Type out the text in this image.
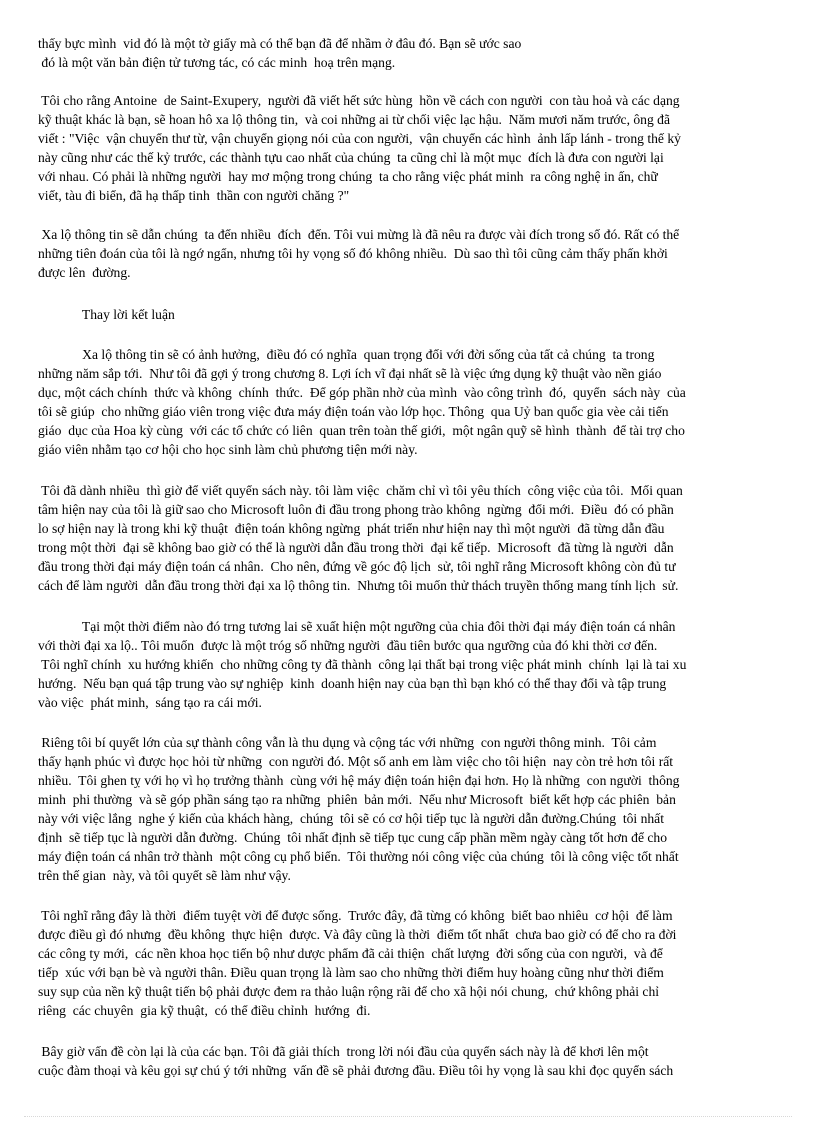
thấy bực mình  vid đó là một tờ giấy mà có thể bạn đã để nhầm ở đâu đó. Bạn sẽ ước sao
đó là một văn bản điện tử tương tác, có các minh  hoạ trên mạng.
Tôi cho rằng Antoine  de Saint-Exupery,  người đã viết hết sức hùng  hồn về cách con người  con tàu hoả và các dạng
kỹ thuật khác là bạn, sẽ hoan hô xa lộ thông tin,  và coi những ai từ chối việc lạc hậu.  Năm mươi năm trước, ông đã
viết : "Việc  vận chuyển thư từ, vận chuyển giọng nói của con người,  vận chuyển các hình  ảnh lấp lánh - trong thế kỷ
này cũng như các thế kỷ trước, các thành tựu cao nhất của chúng  ta cũng chỉ là một mục  đích là đưa con người lại
với nhau. Có phải là những người  hay mơ mộng trong chúng  ta cho rằng việc phát minh  ra công nghệ in ấn, chữ
viết, tàu đi biển, đã hạ thấp tinh  thần con người chăng ?"
Xa lộ thông tin sẽ dẫn chúng  ta đến nhiều  đích  đến. Tôi vui mừng là đã nêu ra được vài đích trong số đó. Rất có thể
những tiên đoán của tôi là ngớ ngẩn, nhưng tôi hy vọng số đó không nhiều.  Dù sao thì tôi cũng cảm thấy phấn khởi
được lên  đường.
Thay lời kết luận
Xa lộ thông tin sẽ có ảnh hưởng,  điều đó có nghĩa  quan trọng đối với đời sống của tất cả chúng  ta trong
những năm sắp tới.  Như tôi đã gợi ý trong chương 8. Lợi ích vĩ đại nhất sẽ là việc ứng dụng kỹ thuật vào nền giáo
dục, một cách chính  thức và không  chính  thức.  Để góp phần nhờ của mình  vào công trình  đó,  quyển  sách này  của
tôi sẽ giúp  cho những giáo viên trong việc đưa máy điện toán vào lớp học. Thông  qua Uỷ ban quốc gia vèe cải tiến
giáo  dục của Hoa kỳ cùng  với các tổ chức có liên  quan trên toàn thế giới,  một ngân quỹ sẽ hình  thành  để tài trợ cho
giáo viên nhằm tạo cơ hội cho học sinh làm chủ phương tiện mới này.
Tôi đã dành nhiều  thì giờ để viết quyển sách này. tôi làm việc  chăm chỉ vì tôi yêu thích  công việc của tôi.  Mối quan
tâm hiện nay của tôi là giữ sao cho Microsoft luôn đi đầu trong phong trào không  ngừng  đổi mới.  Điều  đó có phần
lo sợ hiện nay là trong khi kỹ thuật  điện toán không ngừng  phát triển như hiện nay thì một người  đã từng dẫn đầu
trong một thời  đại sẽ không bao giờ có thể là người dẫn đầu trong thời  đại kế tiếp.  Microsoft  đã từng là người  dẫn
đầu trong thời đại máy điện toán cá nhân.  Cho nên, đứng về góc độ lịch  sử, tôi nghĩ rằng Microsoft không còn đủ tư
cách để làm người  dẫn đầu trong thời đại xa lộ thông tin.  Nhưng tôi muốn thử thách truyền thống mang tính lịch  sử.
Tại một thời điểm nào đó trng tương lai sẽ xuất hiện một ngưỡng của chia đôi thời đại máy điện toán cá nhân
với thời đại xa lộ.. Tôi muốn  được là một tróg số những người  đầu tiên bước qua ngưỡng của đó khi thời cơ đến.
Tôi nghĩ chính  xu hướng khiến  cho những công ty đã thành  công lại thất bại trong việc phát minh  chính  lại là tai xu
hướng.  Nếu bạn quá tập trung vào sự nghiệp  kinh  doanh hiện nay của bạn thì bạn khó có thể thay đổi và tập trung
vào việc  phát minh,  sáng tạo ra cái mới.
Riêng tôi bí quyết lớn của sự thành công vẫn là thu dụng và cộng tác với những  con người thông minh.  Tôi cảm
thấy hạnh phúc vì được học hỏi từ những  con người đó. Một số anh em làm việc cho tôi hiện  nay còn trẻ hơn tôi rất
nhiều.  Tôi ghen tỵ với họ vì họ trưởng thành  cùng với hệ máy điện toán hiện đại hơn. Họ là những  con người  thông
minh  phi thường  và sẽ góp phần sáng tạo ra những  phiên  bản mới.  Nếu như Microsoft  biết kết hợp các phiên  bản
này với việc lắng  nghe ý kiến của khách hàng,  chúng  tôi sẽ có cơ hội tiếp tục là người dẫn đường.Chúng  tôi nhất
định  sẽ tiếp tục là người dẫn đường.  Chúng  tôi nhất định sẽ tiếp tục cung cấp phần mềm ngày càng tốt hơn để cho
máy điện toán cá nhân trở thành  một công cụ phổ biến.  Tôi thường nói công việc của chúng  tôi là công việc tốt nhất
trên thế gian  này, và tôi quyết sẽ làm như vậy.
Tôi nghĩ rằng đây là thời  điểm tuyệt vời để được sống.  Trước đây, đã từng có không  biết bao nhiêu  cơ hội  để làm
được điều gì đó nhưng  đều không  thực hiện  được. Và đây cũng là thời  điểm tốt nhất  chưa bao giờ có để cho ra đời
các công ty mới,  các nền khoa học tiến bộ như dược phẩm đã cải thiện  chất lượng  đời sống của con người,  và để
tiếp  xúc với bạn bè và người thân. Điều quan trọng là làm sao cho những thời điểm huy hoàng cũng như thời điểm
suy sụp của nền kỹ thuật tiến bộ phải được đem ra thảo luận rộng rãi để cho xã hội nói chung,  chứ không phải chỉ
riêng  các chuyên  gia kỹ thuật,  có thể điều chỉnh  hướng  đi.
Bây giờ vấn đề còn lại là của các bạn. Tôi đã giải thích  trong lời nói đầu của quyển sách này là để khơi lên một
cuộc đàm thoại và kêu gọi sự chú ý tới những  vấn đề sẽ phải đương đầu. Điều tôi hy vọng là sau khi đọc quyển sách
